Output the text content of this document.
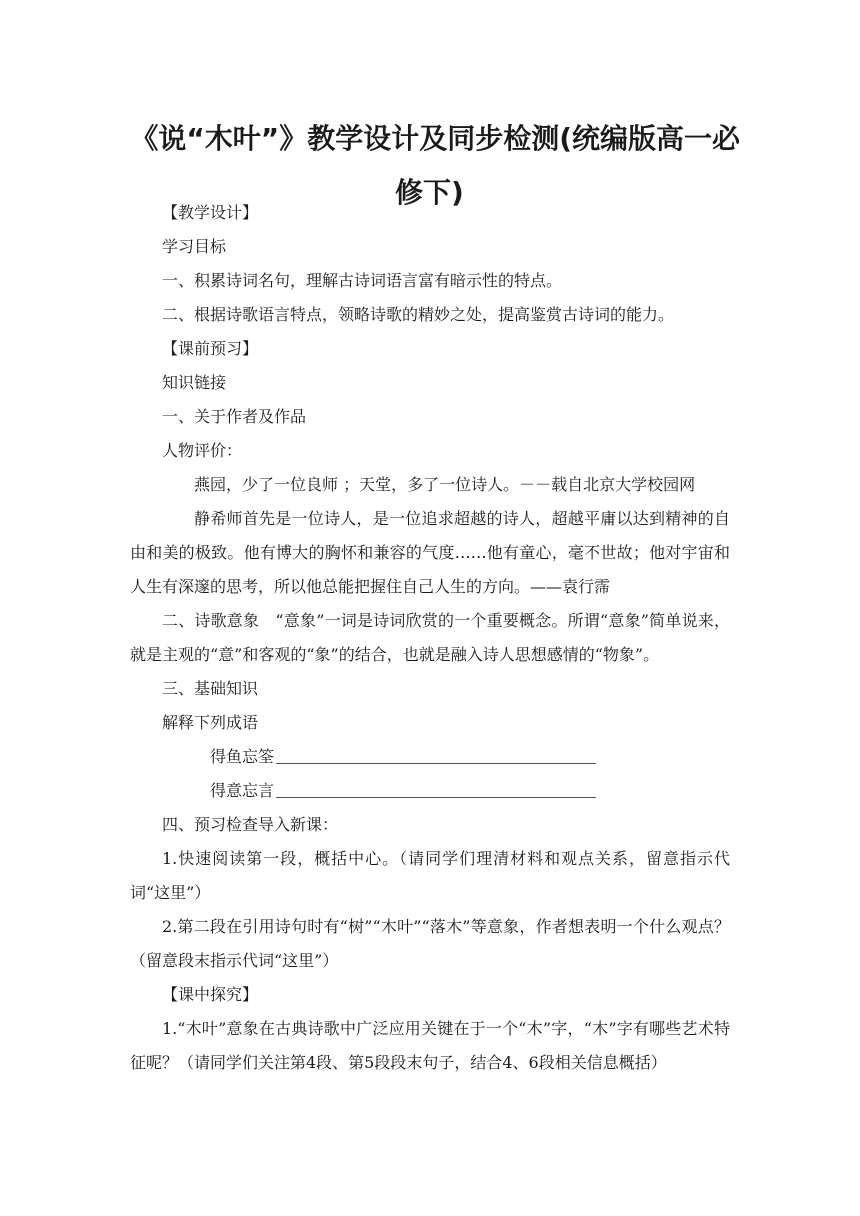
《说“木叶”》教学设计及同步检测(统编版高一必
修下)

【教学设计】

学习目标

一、积累诗词名句，理解古诗词语言富有暗示性的特点。

二、根据诗歌语言特点，领略诗歌的精妙之处，提高鉴赏古诗词的能力。

【课前预习】

知识链接

一、关于作者及作品

人物评价：

燕园，少了一位良师 ；天堂，多了一位诗人。－－载自北京大学校园网

静希师首先是一位诗人，是一位追求超越的诗人，超越平庸以达到精神的自由和美的极致。他有博大的胸怀和兼容的气度……他有童心，毫不世故；他对宇宙和人生有深邃的思考，所以他总能把握住自己人生的方向。——袁行霈

二、诗歌意象　“意象”一词是诗词欣赏的一个重要概念。所谓“意象”简单说来，就是主观的“意”和客观的“象”的结合，也就是融入诗人思想感情的“物象”。

三、基础知识

解释下列成语

得鱼忘筌

得意忘言

四、预习检查导入新课：

1.快速阅读第一段，概括中心。（请同学们理清材料和观点关系，留意指示代词“这里”）

2.第二段在引用诗句时有“树”“木叶”“落木”等意象，作者想表明一个什么观点？（留意段末指示代词“这里”）

【课中探究】

1.“木叶”意象在古典诗歌中广泛应用关键在于一个“木”字，“木”字有哪些艺术特征呢？（请同学们关注第4段、第5段段末句子，结合4、6段相关信息概括）
